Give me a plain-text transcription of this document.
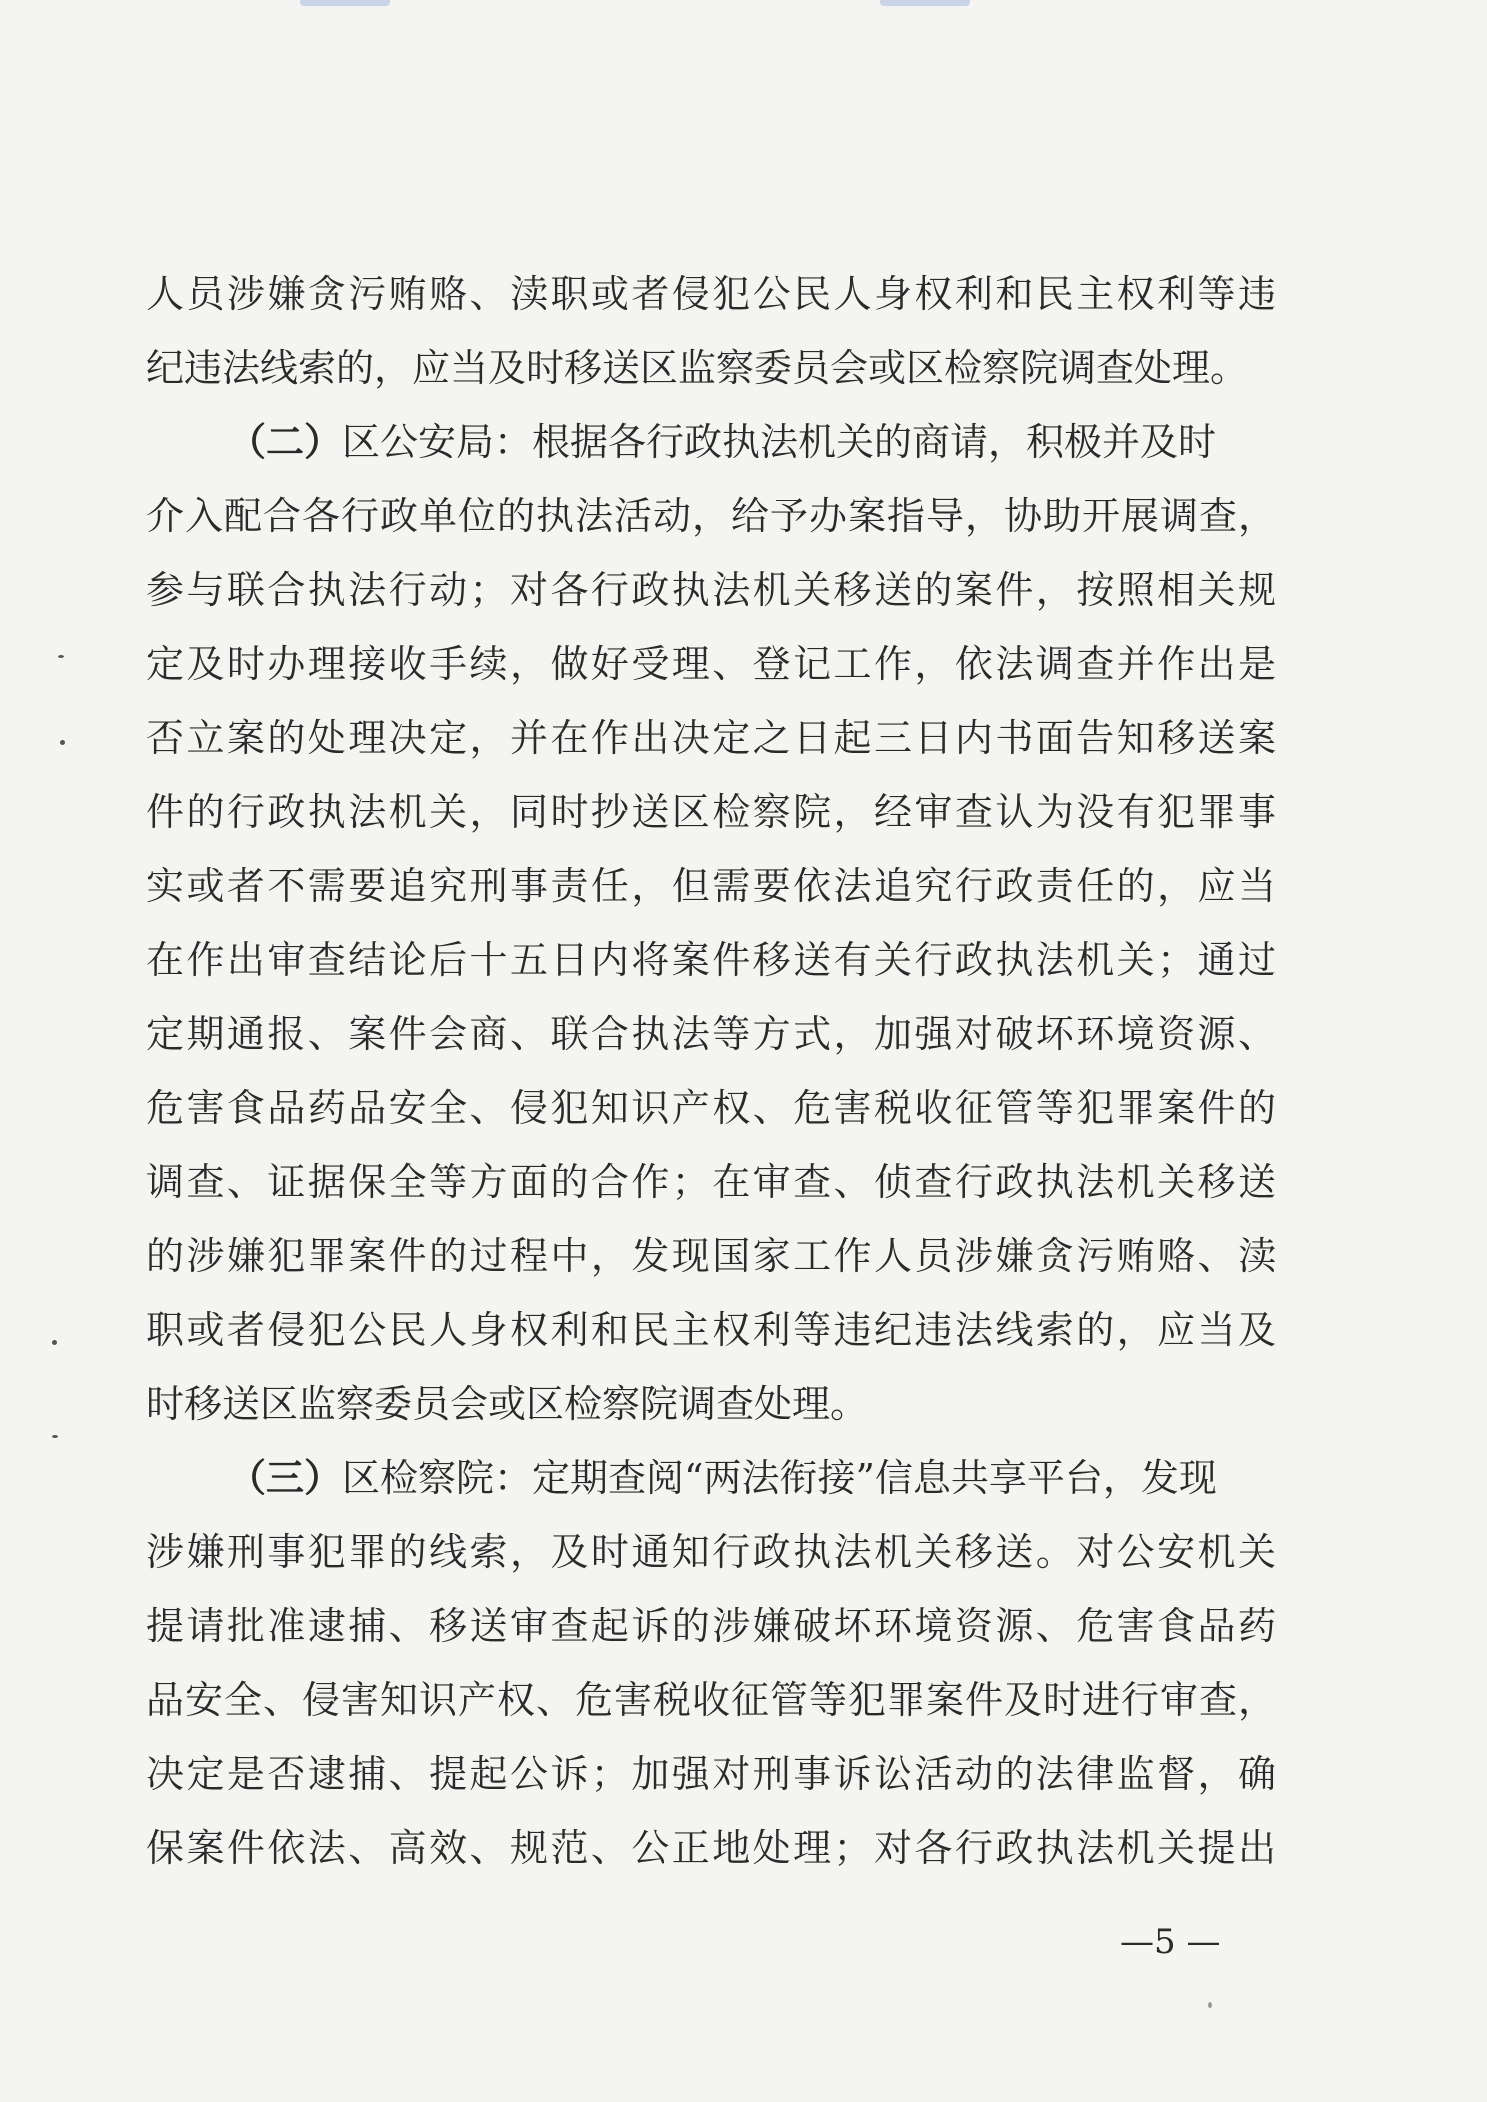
人员涉嫌贪污贿赂、渎职或者侵犯公民人身权利和民主权利等违
纪违法线索的，应当及时移送区监察委员会或区检察院调查处理。
（二）区公安局：根据各行政执法机关的商请，积极并及时
介入配合各行政单位的执法活动，给予办案指导，协助开展调查，
参与联合执法行动；对各行政执法机关移送的案件，按照相关规
定及时办理接收手续，做好受理、登记工作，依法调查并作出是
否立案的处理决定，并在作出决定之日起三日内书面告知移送案
件的行政执法机关，同时抄送区检察院，经审查认为没有犯罪事
实或者不需要追究刑事责任，但需要依法追究行政责任的，应当
在作出审查结论后十五日内将案件移送有关行政执法机关；通过
定期通报、案件会商、联合执法等方式，加强对破坏环境资源、
危害食品药品安全、侵犯知识产权、危害税收征管等犯罪案件的
调查、证据保全等方面的合作；在审查、侦查行政执法机关移送
的涉嫌犯罪案件的过程中，发现国家工作人员涉嫌贪污贿赂、渎
职或者侵犯公民人身权利和民主权利等违纪违法线索的，应当及
时移送区监察委员会或区检察院调查处理。
（三）区检察院：定期查阅“两法衔接”信息共享平台，发现
涉嫌刑事犯罪的线索，及时通知行政执法机关移送。对公安机关
提请批准逮捕、移送审查起诉的涉嫌破坏环境资源、危害食品药
品安全、侵害知识产权、危害税收征管等犯罪案件及时进行审查，
决定是否逮捕、提起公诉；加强对刑事诉讼活动的法律监督，确
保案件依法、高效、规范、公正地处理；对各行政执法机关提出
—5 —
